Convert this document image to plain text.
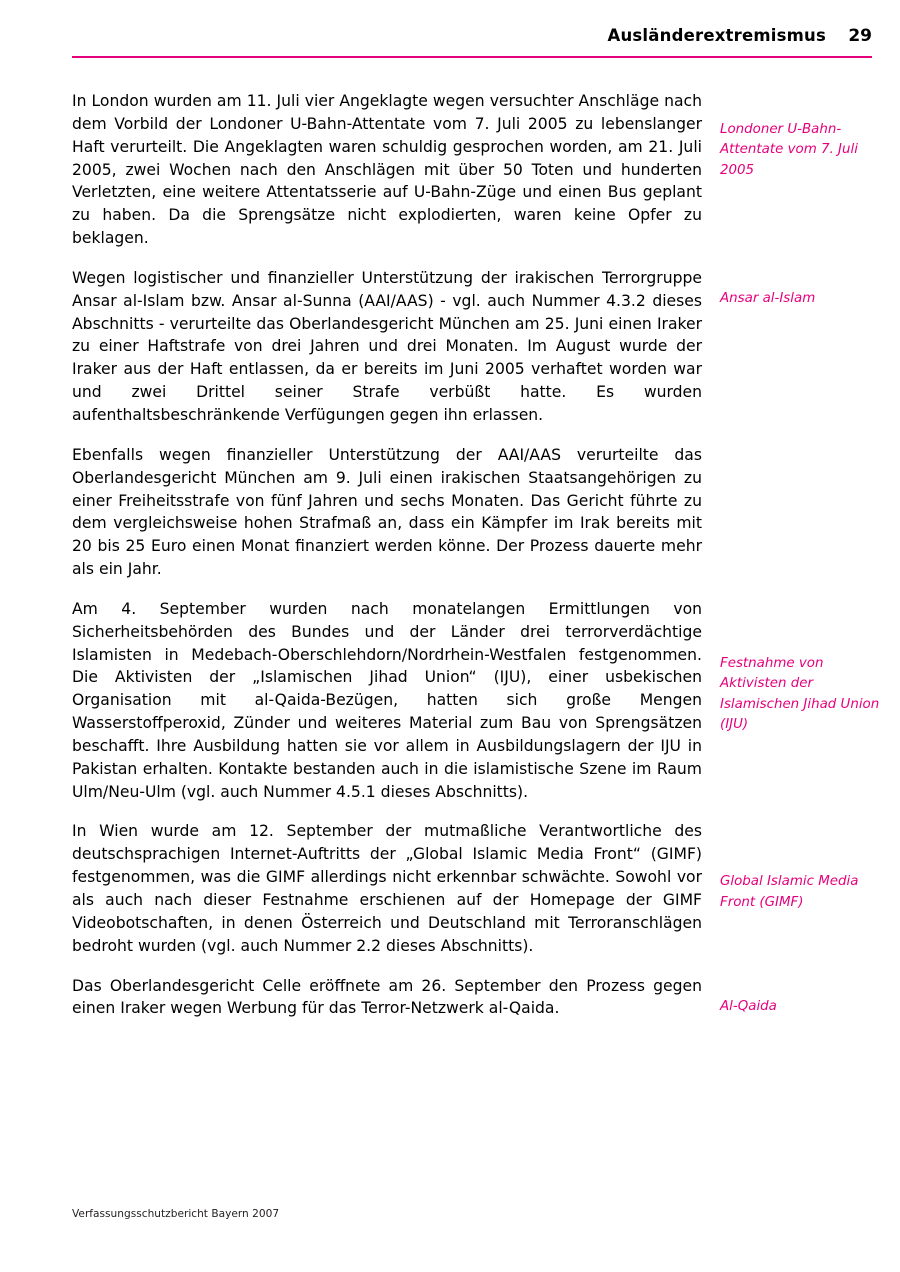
Ausländerextremismus	29

In London wurden am 11. Juli vier Angeklagte wegen versuchter Anschläge nach dem Vorbild der Londoner U-Bahn-Attentate vom 7. Juli 2005 zu lebenslanger Haft verurteilt. Die Angeklagten waren schuldig gesprochen worden, am 21. Juli 2005, zwei Wochen nach den Anschlägen mit über 50 Toten und hunderten Verletzten, eine weitere Attentatsserie auf U-Bahn-Züge und einen Bus geplant zu haben. Da die Sprengsätze nicht explodierten, waren keine Opfer zu beklagen.

Londoner U-Bahn-Attentate vom 7. Juli 2005

Wegen logistischer und finanzieller Unterstützung der irakischen Terrorgruppe Ansar al-Islam bzw. Ansar al-Sunna (AAI/AAS) - vgl. auch Nummer 4.3.2 dieses Abschnitts - verurteilte das Oberlandesgericht München am 25. Juni einen Iraker zu einer Haftstrafe von drei Jahren und drei Monaten. Im August wurde der Iraker aus der Haft entlassen, da er bereits im Juni 2005 verhaftet worden war und zwei Drittel seiner Strafe verbüßt hatte. Es wurden aufenthaltsbeschränkende Verfügungen gegen ihn erlassen.

Ansar al-Islam

Ebenfalls wegen finanzieller Unterstützung der AAI/AAS verurteilte das Oberlandesgericht München am 9. Juli einen irakischen Staatsangehörigen zu einer Freiheitsstrafe von fünf Jahren und sechs Monaten. Das Gericht führte zu dem vergleichsweise hohen Strafmaß an, dass ein Kämpfer im Irak bereits mit 20 bis 25 Euro einen Monat finanziert werden könne. Der Prozess dauerte mehr als ein Jahr.

Am 4. September wurden nach monatelangen Ermittlungen von Sicherheitsbehörden des Bundes und der Länder drei terrorverdächtige Islamisten in Medebach-Oberschlehdorn/Nordrhein-Westfalen festgenommen. Die Aktivisten der „Islamischen Jihad Union“ (IJU), einer usbekischen Organisation mit al-Qaida-Bezügen, hatten sich große Mengen Wasserstoffperoxid, Zünder und weiteres Material zum Bau von Sprengsätzen beschafft. Ihre Ausbildung hatten sie vor allem in Ausbildungslagern der IJU in Pakistan erhalten. Kontakte bestanden auch in die islamistische Szene im Raum Ulm/Neu-Ulm (vgl. auch Nummer 4.5.1 dieses Abschnitts).

Festnahme von Aktivisten der Islamischen Jihad Union (IJU)

In Wien wurde am 12. September der mutmaßliche Verantwortliche des deutschsprachigen Internet-Auftritts der „Global Islamic Media Front“ (GIMF) festgenommen, was die GIMF allerdings nicht erkennbar schwächte. Sowohl vor als auch nach dieser Festnahme erschienen auf der Homepage der GIMF Videobotschaften, in denen Österreich und Deutschland mit Terroranschlägen bedroht wurden (vgl. auch Nummer 2.2 dieses Abschnitts).

Global Islamic Media Front (GIMF)

Das Oberlandesgericht Celle eröffnete am 26. September den Prozess gegen einen Iraker wegen Werbung für das Terror-Netzwerk al-Qaida.	Al-Qaida
Verfassungsschutzbericht Bayern 2007
